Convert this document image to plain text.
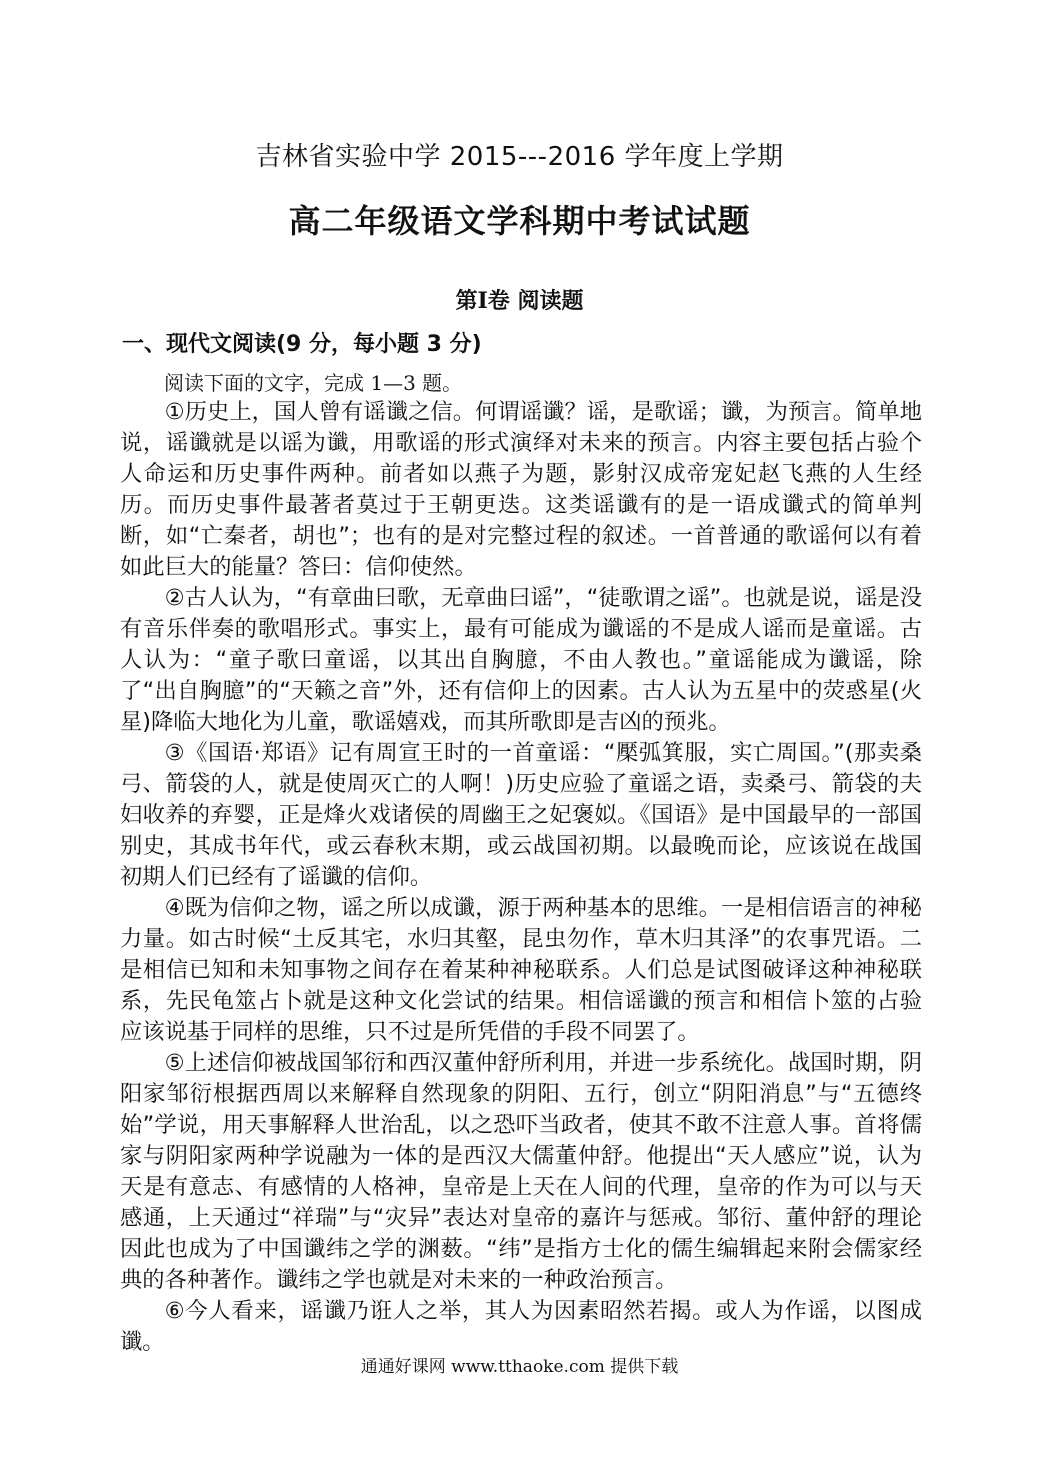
吉林省实验中学 2015---2016 学年度上学期
高二年级语文学科期中考试试题
第Ⅰ卷 阅读题
一、现代文阅读(9 分，每小题 3 分)
阅读下面的文字，完成 1—3 题。

①历史上，国人曾有谣谶之信。何谓谣谶？谣，是歌谣；谶，为预言。简单地说，谣谶就是以谣为谶，用歌谣的形式演绎对未来的预言。内容主要包括占验个人命运和历史事件两种。前者如以燕子为题，影射汉成帝宠妃赵飞燕的人生经历。而历史事件最著者莫过于王朝更迭。这类谣谶有的是一语成谶式的简单判断，如“亡秦者，胡也”；也有的是对完整过程的叙述。一首普通的歌谣何以有着如此巨大的能量？答曰：信仰使然。

②古人认为，“有章曲曰歌，无章曲曰谣”，“徒歌谓之谣”。也就是说，谣是没有音乐伴奏的歌唱形式。事实上，最有可能成为谶谣的不是成人谣而是童谣。古人认为：“童子歌曰童谣，以其出自胸臆，不由人教也。”童谣能成为谶谣，除了“出自胸臆”的“天籁之音”外，还有信仰上的因素。古人认为五星中的荧惑星(火星)降临大地化为儿童，歌谣嬉戏，而其所歌即是吉凶的预兆。

③《国语·郑语》记有周宣王时的一首童谣：“檿弧箕服，实亡周国。”(那卖桑弓、箭袋的人，就是使周灭亡的人啊！)历史应验了童谣之语，卖桑弓、箭袋的夫妇收养的弃婴，正是烽火戏诸侯的周幽王之妃褒姒。《国语》是中国最早的一部国别史，其成书年代，或云春秋末期，或云战国初期。以最晚而论，应该说在战国初期人们已经有了谣谶的信仰。

④既为信仰之物，谣之所以成谶，源于两种基本的思维。一是相信语言的神秘力量。如古时候“土反其宅，水归其壑，昆虫勿作，草木归其泽”的农事咒语。二是相信已知和未知事物之间存在着某种神秘联系。人们总是试图破译这种神秘联系，先民龟筮占卜就是这种文化尝试的结果。相信谣谶的预言和相信卜筮的占验应该说基于同样的思维，只不过是所凭借的手段不同罢了。

⑤上述信仰被战国邹衍和西汉董仲舒所利用，并进一步系统化。战国时期，阴阳家邹衍根据西周以来解释自然现象的阴阳、五行，创立“阴阳消息”与“五德终始”学说，用天事解释人世治乱，以之恐吓当政者，使其不敢不注意人事。首将儒家与阴阳家两种学说融为一体的是西汉大儒董仲舒。他提出“天人感应”说，认为天是有意志、有感情的人格神，皇帝是上天在人间的代理，皇帝的作为可以与天感通，上天通过“祥瑞”与“灾异”表达对皇帝的嘉许与惩戒。邹衍、董仲舒的理论因此也成为了中国谶纬之学的渊薮。“纬”是指方士化的儒生编辑起来附会儒家经典的各种著作。谶纬之学也就是对未来的一种政治预言。

⑥今人看来，谣谶乃诳人之举，其人为因素昭然若揭。或人为作谣，以图成谶。

通通好课网 www.tthaoke.com 提供下载
